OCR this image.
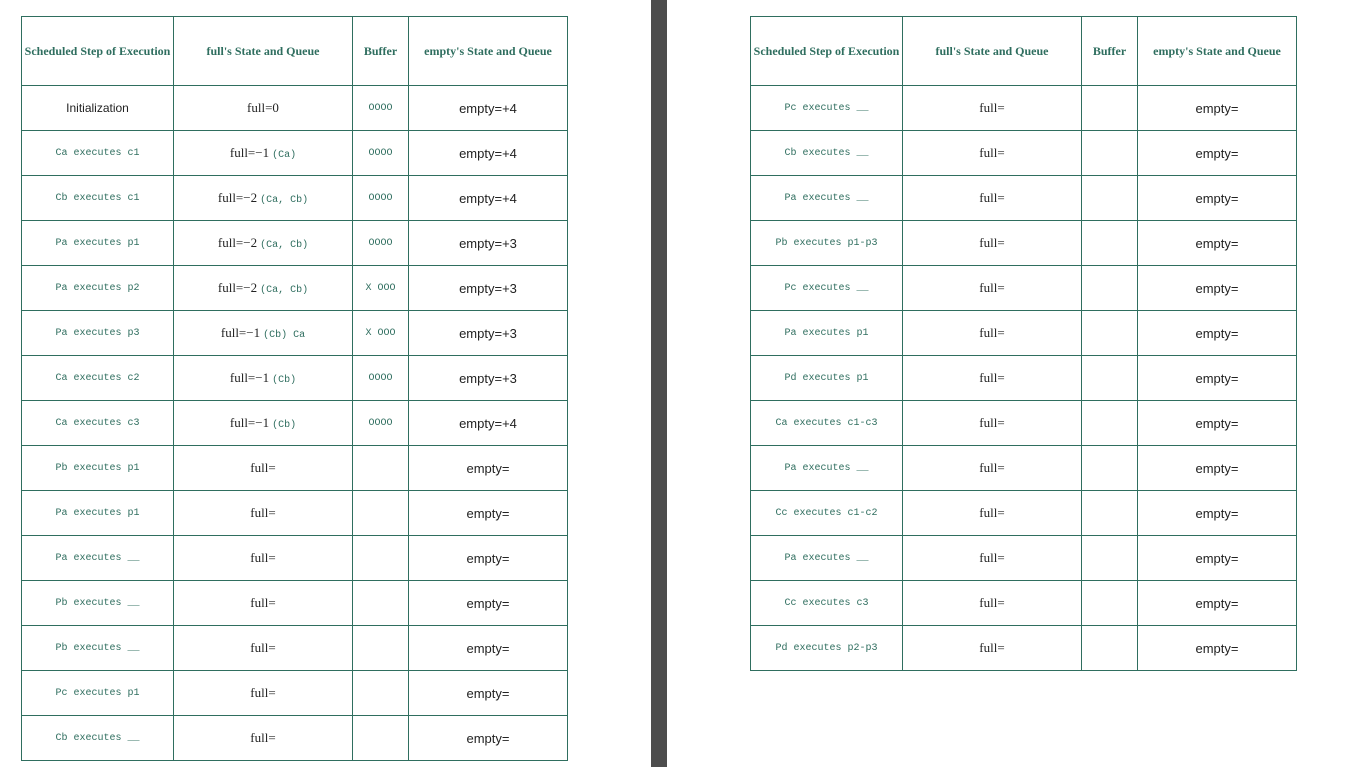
Scheduled Step of Execution	full's State and Queue	Buffer	empty's State and Queue
Initialization	full=0	OOOO	empty=+4
Ca executes c1	full=−1 (Ca)	OOOO	empty=+4
Cb executes c1	full=−2 (Ca, Cb)	OOOO	empty=+4
Pa executes p1	full=−2 (Ca, Cb)	OOOO	empty=+3
Pa executes p2	full=−2 (Ca, Cb)	X OOO	empty=+3
Pa executes p3	full=−1 (Cb) Ca	X OOO	empty=+3
Ca executes c2	full=−1 (Cb)	OOOO	empty=+3
Ca executes c3	full=−1 (Cb)	OOOO	empty=+4
Pb executes p1	full=		empty=
Pa executes p1	full=		empty=
Pa executes __	full=		empty=
Pb executes __	full=		empty=
Pb executes __	full=		empty=
Pc executes p1	full=		empty=
Cb executes __	full=		empty=
Scheduled Step of Execution	full's State and Queue	Buffer	empty's State and Queue
Pc executes __	full=		empty=
Cb executes __	full=		empty=
Pa executes __	full=		empty=
Pb executes p1-p3	full=		empty=
Pc executes __	full=		empty=
Pa executes p1	full=		empty=
Pd executes p1	full=		empty=
Ca executes c1-c3	full=		empty=
Pa executes __	full=		empty=
Cc executes c1-c2	full=		empty=
Pa executes __	full=		empty=
Cc executes c3	full=		empty=
Pd executes p2-p3	full=		empty=
